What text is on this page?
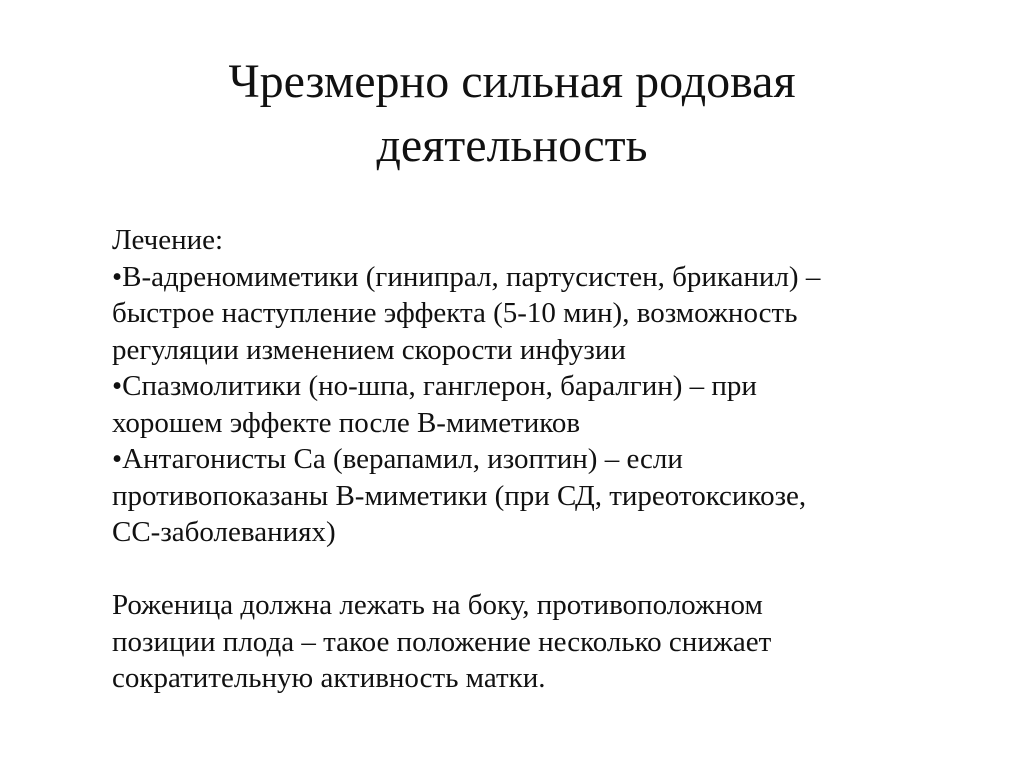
Чрезмерно сильная родовая
деятельность
Лечение:
•В-адреномиметики (гинипрал, партусистен, бриканил) –
быстрое наступление эффекта (5-10 мин), возможность
регуляции изменением скорости инфузии
•Спазмолитики (но-шпа, ганглерон, баралгин) – при
хорошем эффекте после В-миметиков
•Антагонисты Са (верапамил, изоптин) – если
противопоказаны В-миметики (при СД, тиреотоксикозе,
СС-заболеваниях)
Роженица должна лежать на боку, противоположном
позиции плода – такое положение несколько снижает
сократительную активность матки.
